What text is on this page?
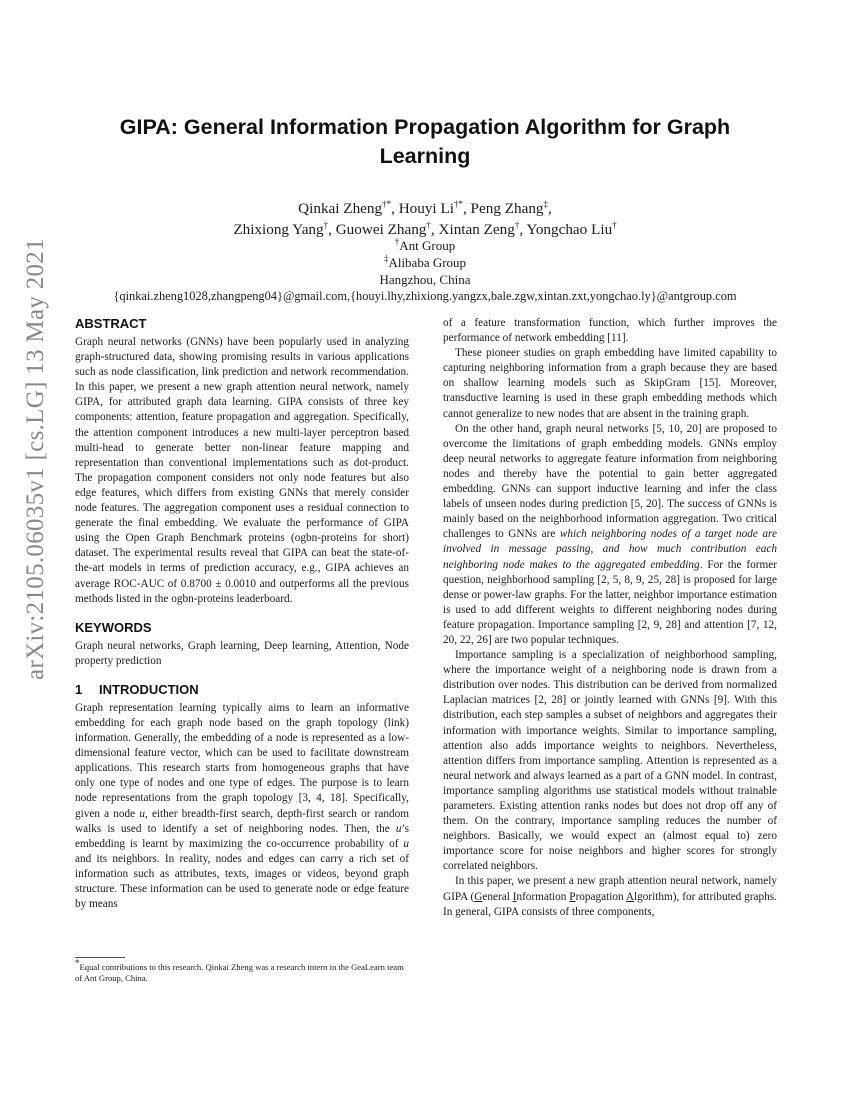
arXiv:2105.06035v1 [cs.LG] 13 May 2021
GIPA: General Information Propagation Algorithm for Graph
Learning
Qinkai Zheng†*, Houyi Li†*, Peng Zhang‡,
Zhixiong Yang†, Guowei Zhang†, Xintan Zeng†, Yongchao Liu†
†Ant Group
‡Alibaba Group
Hangzhou, China
{qinkai.zheng1028,zhangpeng04}@gmail.com,{houyi.lhy,zhixiong.yangzx,bale.zgw,xintan.zxt,yongchao.ly}@antgroup.com
ABSTRACT

Graph neural networks (GNNs) have been popularly used in analyzing graph-structured data, showing promising results in various applications such as node classification, link prediction and network recommendation. In this paper, we present a new graph attention neural network, namely GIPA, for attributed graph data learning. GIPA consists of three key components: attention, feature propagation and aggregation. Specifically, the attention component introduces a new multi-layer perceptron based multi-head to generate better non-linear feature mapping and representation than conventional implementations such as dot-product. The propagation component considers not only node features but also edge features, which differs from existing GNNs that merely consider node features. The aggregation component uses a residual connection to generate the final embedding. We evaluate the performance of GIPA using the Open Graph Benchmark proteins (ogbn-proteins for short) dataset. The experimental results reveal that GIPA can beat the state-of-the-art models in terms of prediction accuracy, e.g., GIPA achieves an average ROC-AUC of 0.8700 ± 0.0010 and outperforms all the previous methods listed in the ogbn-proteins leaderboard.

KEYWORDS

Graph neural networks, Graph learning, Deep learning, Attention, Node property prediction

1 INTRODUCTION

Graph representation learning typically aims to learn an informative embedding for each graph node based on the graph topology (link) information. Generally, the embedding of a node is represented as a low-dimensional feature vector, which can be used to facilitate downstream applications. This research starts from homogeneous graphs that have only one type of nodes and one type of edges. The purpose is to learn node representations from the graph topology [3, 4, 18]. Specifically, given a node u, either breadth-first search, depth-first search or random walks is used to identify a set of neighboring nodes. Then, the u’s embedding is learnt by maximizing the co-occurrence probability of u and its neighbors. In reality, nodes and edges can carry a rich set of information such as attributes, texts, images or videos, beyond graph structure. These information can be used to generate node or edge feature by means

*Equal contributions to this research. Qinkai Zheng was a research intern in the GeaLearn team of Ant Group, China.

of a feature transformation function, which further improves the performance of network embedding [11].

These pioneer studies on graph embedding have limited capability to capturing neighboring information from a graph because they are based on shallow learning models such as SkipGram [15]. Moreover, transductive learning is used in these graph embedding methods which cannot generalize to new nodes that are absent in the training graph.

On the other hand, graph neural networks [5, 10, 20] are proposed to overcome the limitations of graph embedding models. GNNs employ deep neural networks to aggregate feature information from neighboring nodes and thereby have the potential to gain better aggregated embedding. GNNs can support inductive learning and infer the class labels of unseen nodes during prediction [5, 20]. The success of GNNs is mainly based on the neighborhood information aggregation. Two critical challenges to GNNs are which neighboring nodes of a target node are involved in message passing, and how much contribution each neighboring node makes to the aggregated embedding. For the former question, neighborhood sampling [2, 5, 8, 9, 25, 28] is proposed for large dense or power-law graphs. For the latter, neighbor importance estimation is used to add different weights to different neighboring nodes during feature propagation. Importance sampling [2, 9, 28] and attention [7, 12, 20, 22, 26] are two popular techniques.

Importance sampling is a specialization of neighborhood sampling, where the importance weight of a neighboring node is drawn from a distribution over nodes. This distribution can be derived from normalized Laplacian matrices [2, 28] or jointly learned with GNNs [9]. With this distribution, each step samples a subset of neighbors and aggregates their information with importance weights. Similar to importance sampling, attention also adds importance weights to neighbors. Nevertheless, attention differs from importance sampling. Attention is represented as a neural network and always learned as a part of a GNN model. In contrast, importance sampling algorithms use statistical models without trainable parameters. Existing attention ranks nodes but does not drop off any of them. On the contrary, importance sampling reduces the number of neighbors. Basically, we would expect an (almost equal to) zero importance score for noise neighbors and higher scores for strongly correlated neighbors.

In this paper, we present a new graph attention neural network, namely GIPA (General Information Propagation Algorithm), for attributed graphs. In general, GIPA consists of three components,
